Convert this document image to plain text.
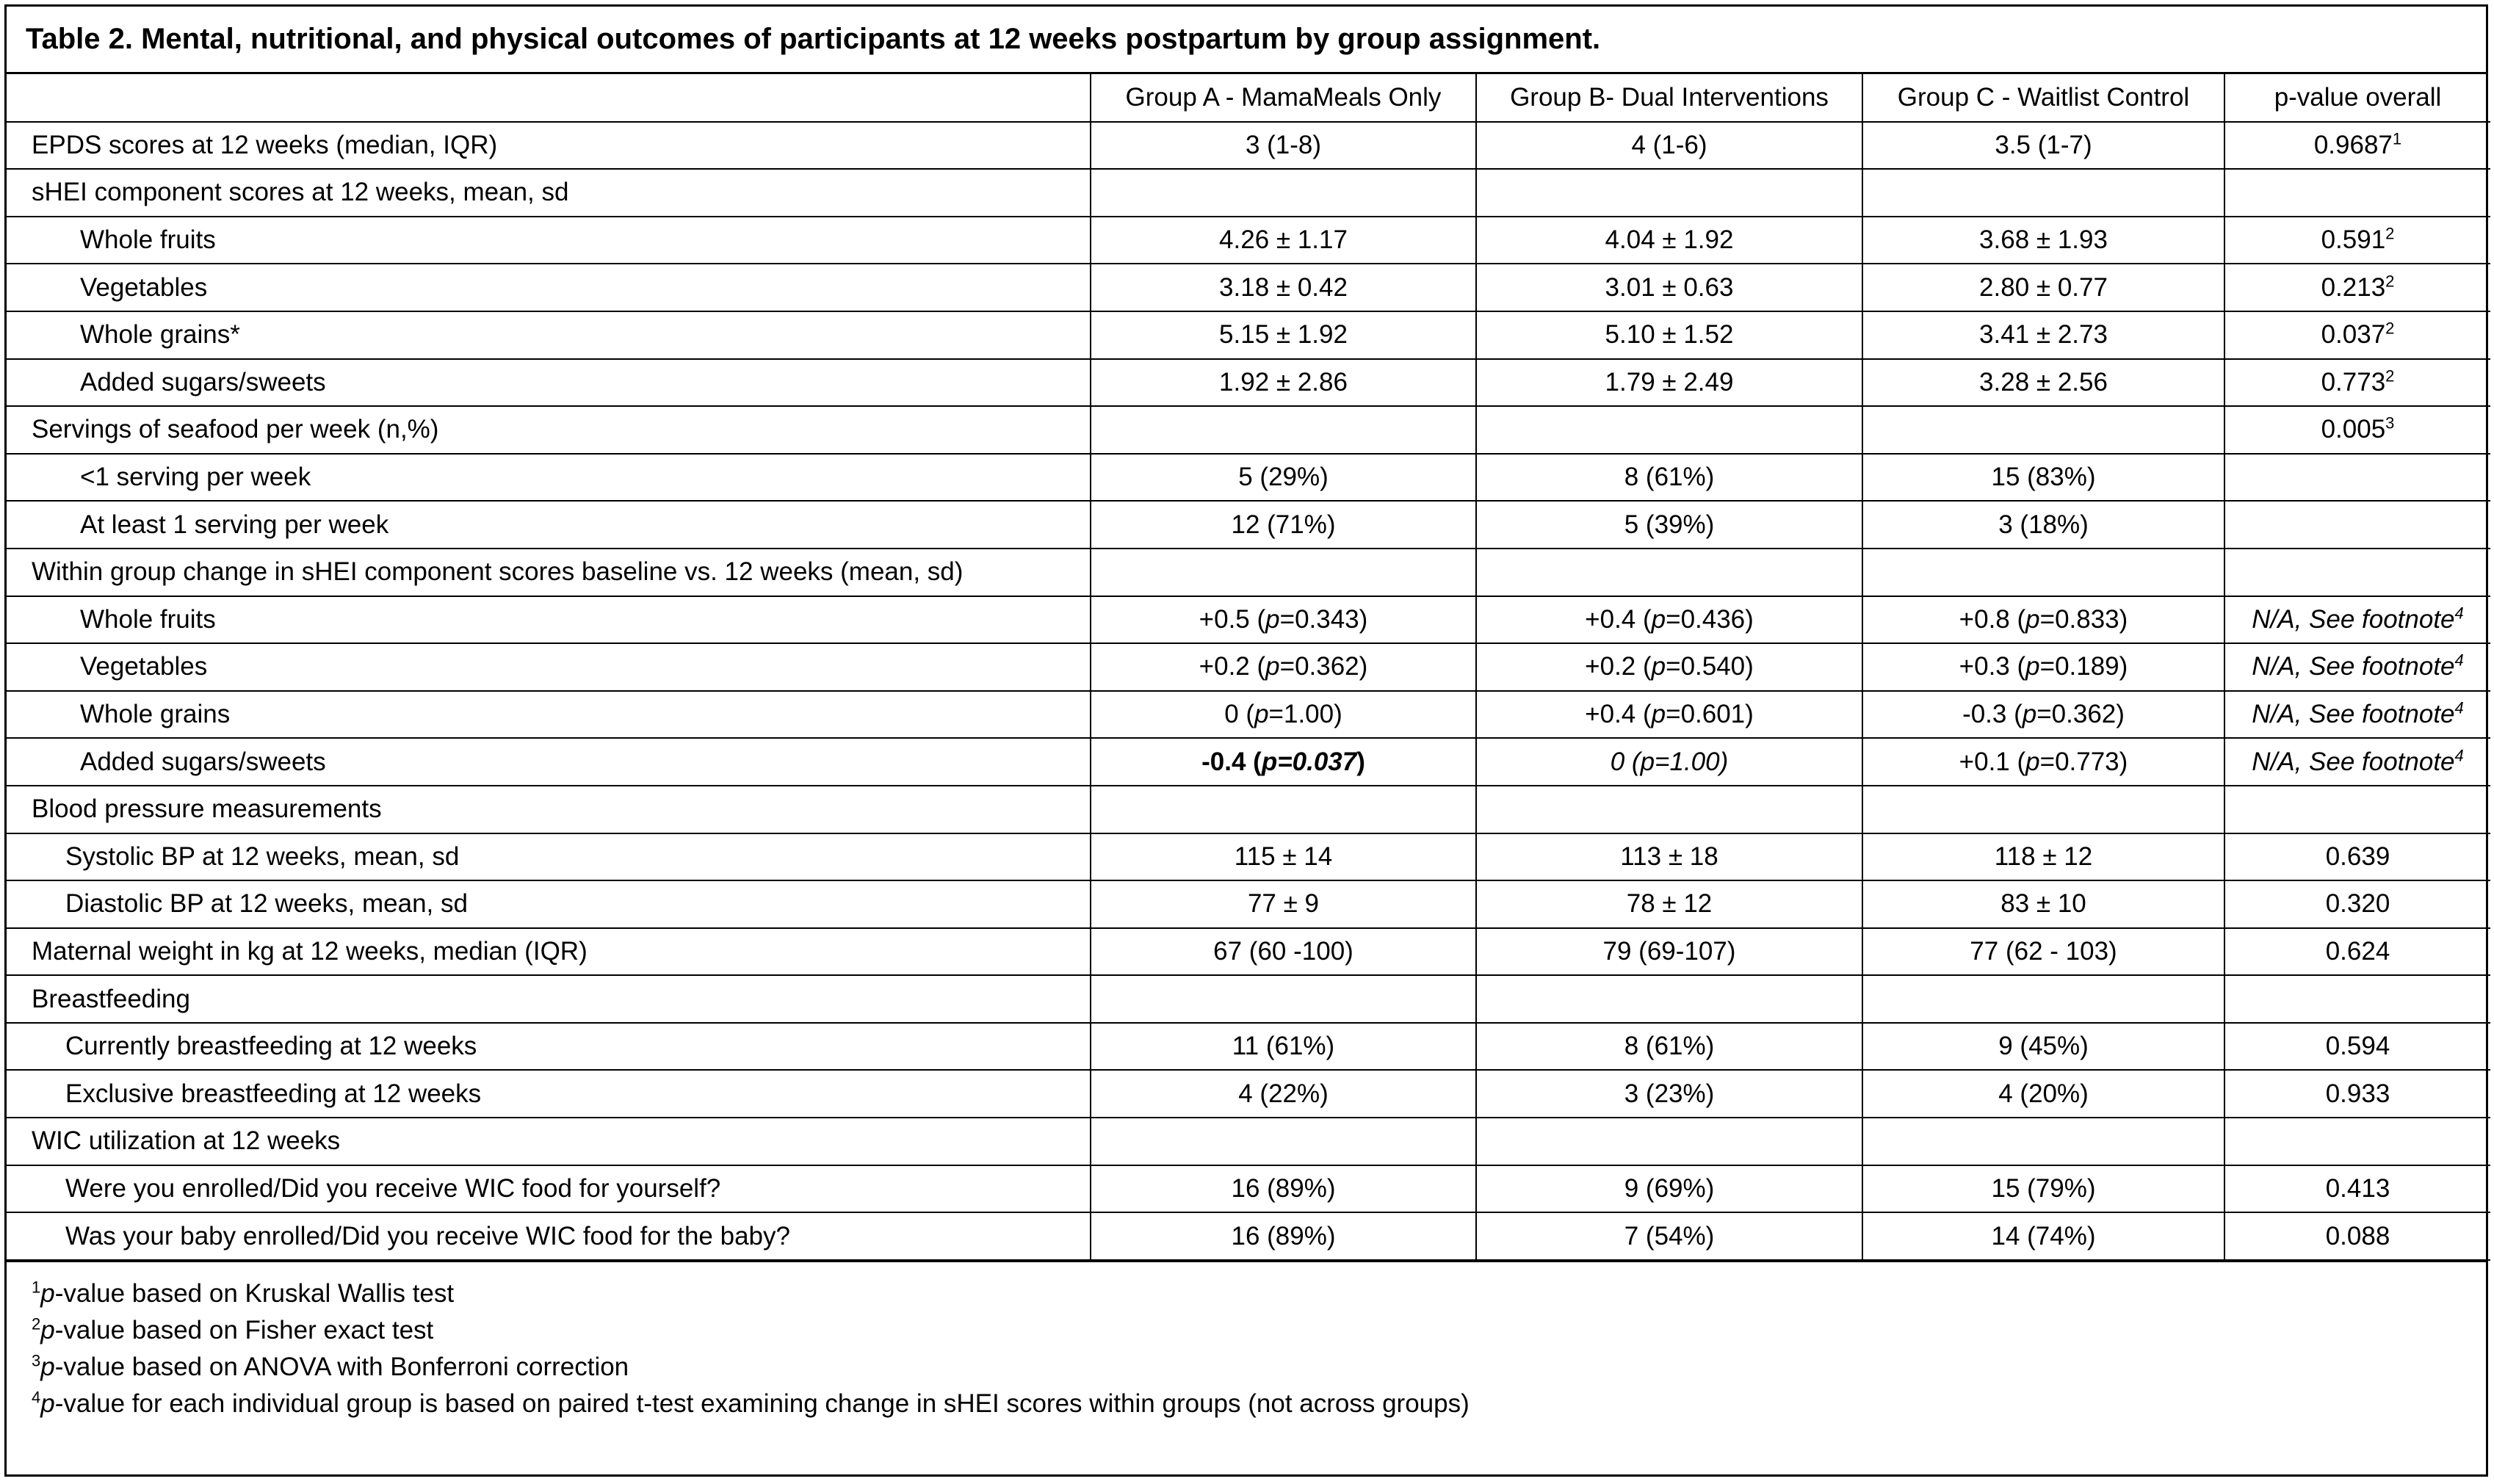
Table 2. Mental, nutritional, and physical outcomes of participants at 12 weeks postpartum by group assignment.
	Group A - MamaMeals Only	Group B- Dual Interventions	Group C - Waitlist Control	p-value overall
EPDS scores at 12 weeks (median, IQR)	3 (1-8)	4 (1-6)	3.5 (1-7)	0.9687$^1$
sHEI component scores at 12 weeks, mean, sd				
Whole fruits	4.26 ± 1.17	4.04 ± 1.92	3.68 ± 1.93	0.591$^2$
Vegetables	3.18 ± 0.42	3.01 ± 0.63	2.80 ± 0.77	0.213$^2$
Whole grains*	5.15 ± 1.92	5.10 ± 1.52	3.41 ± 2.73	0.037$^2$
Added sugars/sweets	1.92 ± 2.86	1.79 ± 2.49	3.28 ± 2.56	0.773$^2$
Servings of seafood per week (n,%)				$0.005^3$
<1 serving per week	5 (29%)	8 (61%)	15 (83%)	
At least 1 serving per week	12 (71%)	5 (39%)	3 (18%)	
Within group change in sHEI component scores baseline vs. 12 weeks (mean, sd)				
Whole fruits	+0.5 (p=0.343)	+0.4 (p=0.436)	+0.8 (p=0.833)	N/A, See footnote$^4$
Vegetables	+0.2 (p=0.362)	+0.2 (p=0.540)	+0.3 (p=0.189)	N/A, See footnote$^4$
Whole grains	0 (p=1.00)	+0.4 (p=0.601)	-0.3 (p=0.362)	N/A, See footnote$^4$
Added sugars/sweets	-0.4 (p=0.037)	0 (p=1.00)	+0.1 (p=0.773)	N/A, See footnote$^4$
Blood pressure measurements				
Systolic BP at 12 weeks, mean, sd	115 ± 14	113 ± 18	118 ± 12	0.639
Diastolic BP at 12 weeks, mean, sd	77 ± 9	78 ± 12	83 ± 10	0.320
Maternal weight in kg at 12 weeks, median (IQR)	67 (60 -100)	79 (69-107)	77 (62 - 103)	0.624
Breastfeeding				
Currently breastfeeding at 12 weeks	11 (61%)	8 (61%)	9 (45%)	0.594
Exclusive breastfeeding at 12 weeks	4 (22%)	3 (23%)	4 (20%)	0.933
WIC utilization at 12 weeks				
Were you enrolled/Did you receive WIC food for yourself?	16 (89%)	9 (69%)	15 (79%)	0.413
Was your baby enrolled/Did you receive WIC food for the baby?	16 (89%)	7 (54%)	14 (74%)	0.088
$^1$p-value based on Kruskal Wallis test
$^2$p-value based on Fisher exact test
$^3$p-value based on ANOVA with Bonferroni correction
$^4$p-value for each individual group is based on paired t-test examining change in sHEI scores within groups (not across groups)
